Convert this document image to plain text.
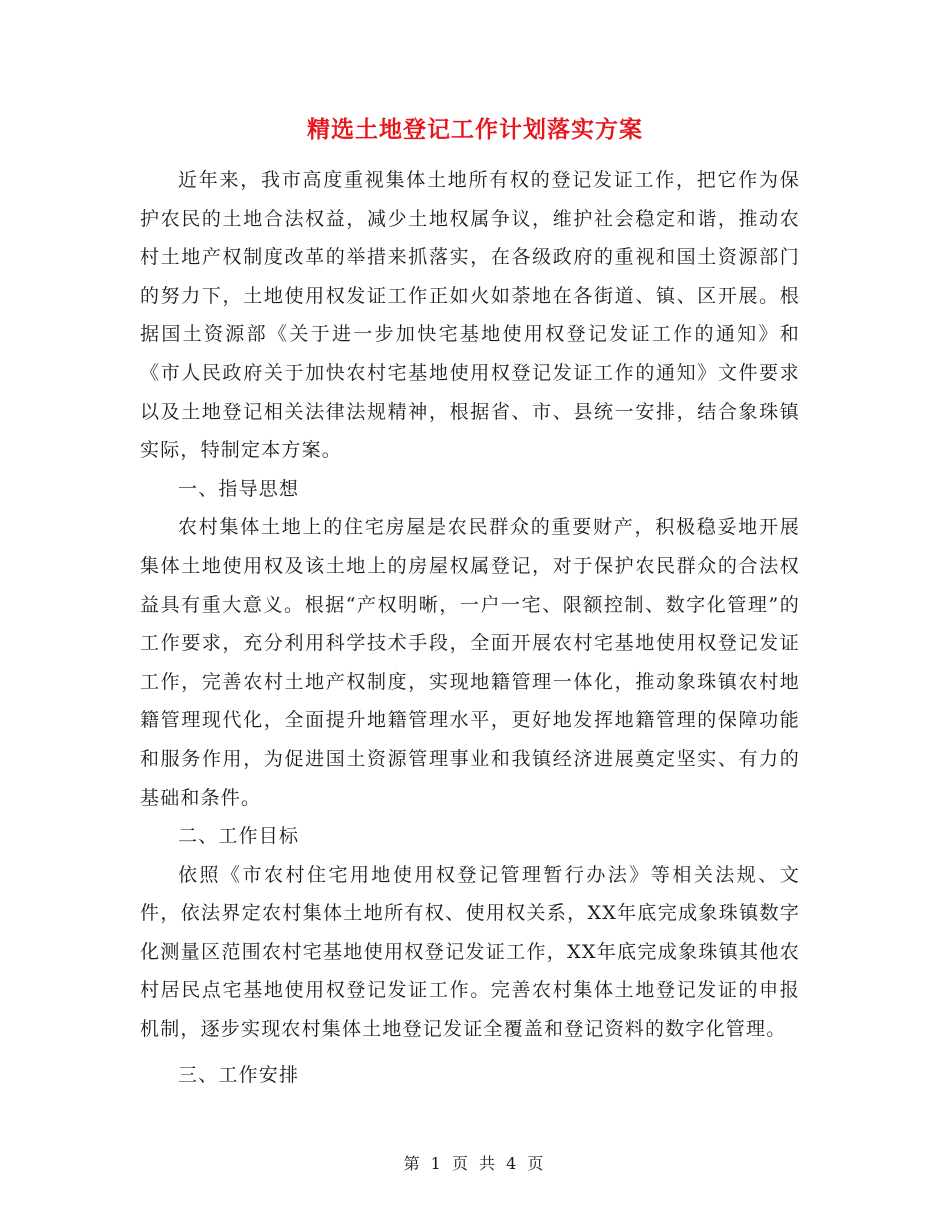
精选土地登记工作计划落实方案

近年来，我市高度重视集体土地所有权的登记发证工作，把它作为保护农民的土地合法权益，减少土地权属争议，维护社会稳定和谐，推动农村土地产权制度改革的举措来抓落实，在各级政府的重视和国土资源部门的努力下，土地使用权发证工作正如火如荼地在各街道、镇、区开展。根据国土资源部《关于进一步加快宅基地使用权登记发证工作的通知》和《市人民政府关于加快农村宅基地使用权登记发证工作的通知》文件要求以及土地登记相关法律法规精神，根据省、市、县统一安排，结合象珠镇实际，特制定本方案。

一、指导思想

农村集体土地上的住宅房屋是农民群众的重要财产，积极稳妥地开展集体土地使用权及该土地上的房屋权属登记，对于保护农民群众的合法权益具有重大意义。根据“产权明晰，一户一宅、限额控制、数字化管理”的工作要求，充分利用科学技术手段，全面开展农村宅基地使用权登记发证工作，完善农村土地产权制度，实现地籍管理一体化，推动象珠镇农村地籍管理现代化，全面提升地籍管理水平，更好地发挥地籍管理的保障功能和服务作用，为促进国土资源管理事业和我镇经济进展奠定坚实、有力的基础和条件。

二、工作目标

依照《市农村住宅用地使用权登记管理暂行办法》等相关法规、文件，依法界定农村集体土地所有权、使用权关系，XX年底完成象珠镇数字化测量区范围农村宅基地使用权登记发证工作，XX年底完成象珠镇其他农村居民点宅基地使用权登记发证工作。完善农村集体土地登记发证的申报机制，逐步实现农村集体土地登记发证全覆盖和登记资料的数字化管理。

三、工作安排

第 1 页 共 4 页
